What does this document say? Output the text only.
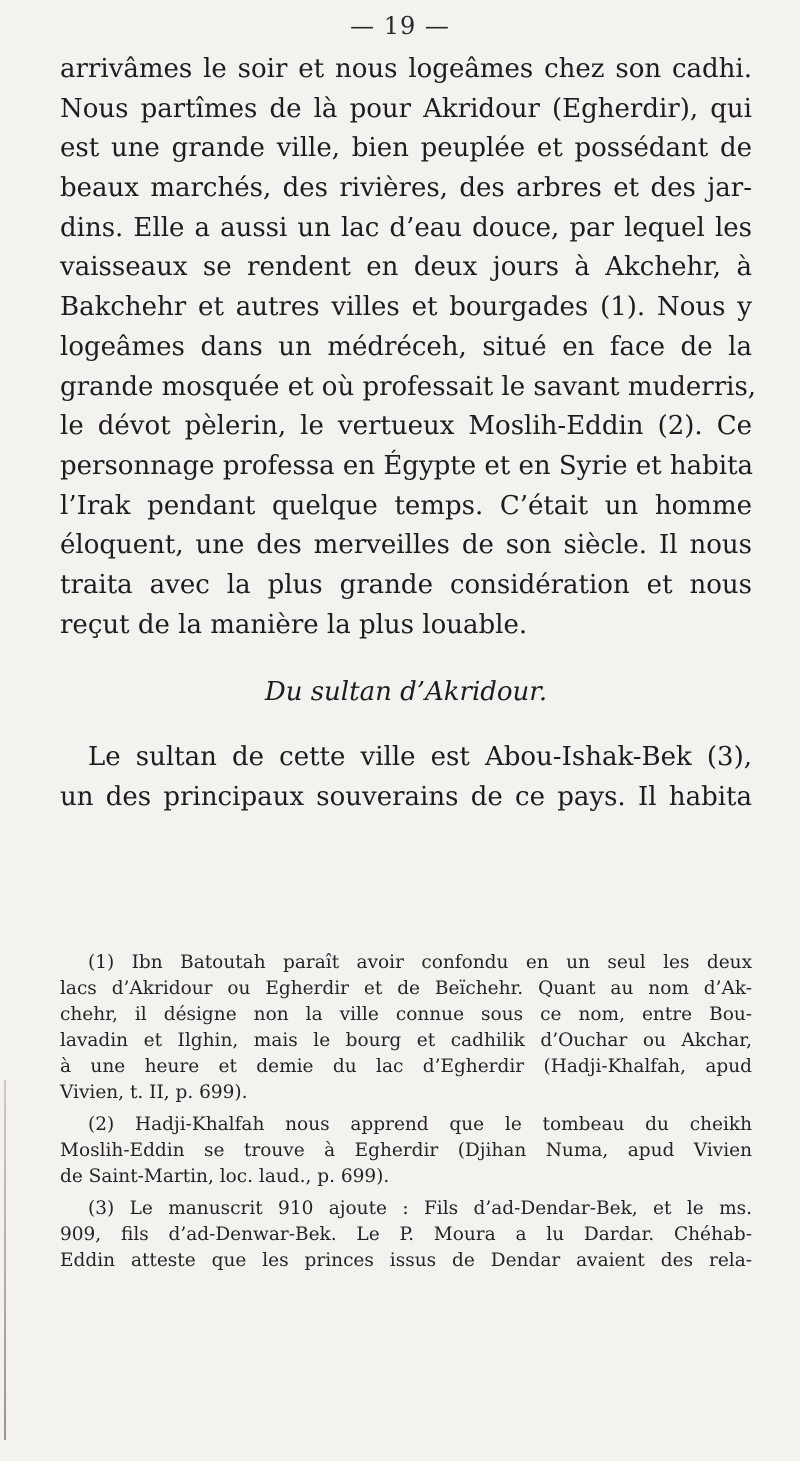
— 19 —
arrivâmes le soir et nous logeâmes chez son cadhi.
Nous partîmes de là pour Akridour (Egherdir), qui
est une grande ville, bien peuplée et possédant de
beaux marchés, des rivières, des arbres et des jar-
dins. Elle a aussi un lac d’eau douce, par lequel les
vaisseaux se rendent en deux jours à Akchehr, à
Bakchehr et autres villes et bourgades (1). Nous y
logeâmes dans un médréceh, situé en face de la
grande mosquée et où professait le savant muderris,
le dévot pèlerin, le vertueux Moslih-Eddin (2). Ce
personnage professa en Égypte et en Syrie et habita
l’Irak pendant quelque temps. C’était un homme
éloquent, une des merveilles de son siècle. Il nous
traita avec la plus grande considération et nous
reçut de la manière la plus louable.
Du sultan d’Akridour.
Le sultan de cette ville est Abou-Ishak-Bek (3),
un des principaux souverains de ce pays. Il habita
(1) Ibn Batoutah paraît avoir confondu en un seul les deux
lacs d’Akridour ou Egherdir et de Beïchehr. Quant au nom d’Ak-
chehr, il désigne non la ville connue sous ce nom, entre Bou-
lavadin et Ilghin, mais le bourg et cadhilik d’Ouchar ou Akchar,
à une heure et demie du lac d’Egherdir (Hadji-Khalfah, apud
Vivien, t. II, p. 699).
(2) Hadji-Khalfah nous apprend que le tombeau du cheikh
Moslih-Eddin se trouve à Egherdir (Djihan Numa, apud Vivien
de Saint-Martin, loc. laud., p. 699).
(3) Le manuscrit 910 ajoute : Fils d’ad-Dendar-Bek, et le ms.
909, fils d’ad-Denwar-Bek. Le P. Moura a lu Dardar. Chéhab-
Eddin atteste que les princes issus de Dendar avaient des rela-
